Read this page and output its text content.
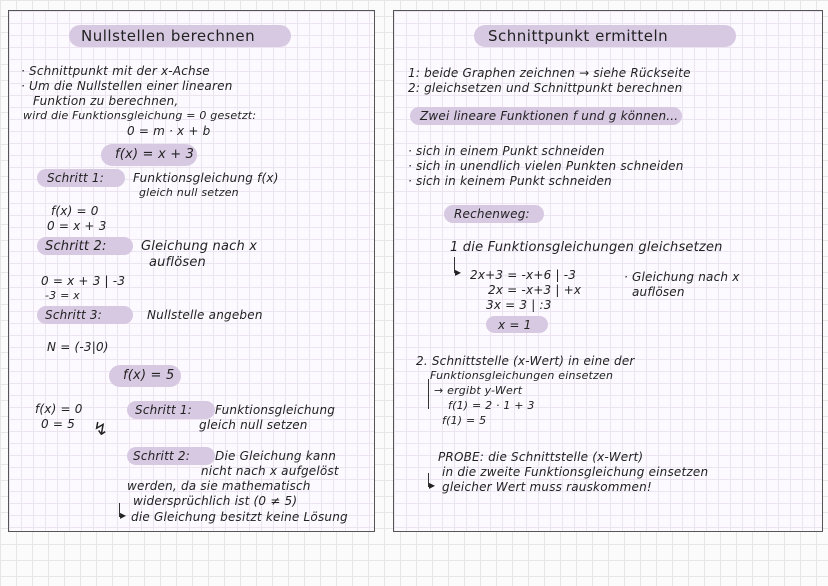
Nullstellen berechnen
· Schnittpunkt mit der x-Achse
· Um die Nullstellen einer linearen
Funktion zu berechnen,
wird die Funktionsgleichung = 0 gesetzt:
0 = m · x + b
f(x) = x + 3
Schritt 1: Funktionsgleichung f(x)
gleich null setzen
f(x) = 0
0 = x + 3
Schritt 2:	Gleichung nach x
auflösen
0 = x + 3 | -3
-3 = x
Schritt 3:	Nullstelle angeben
N = (-3|0)
f(x) = 5
f(x) = 0
0 = 5 ↯
Schritt 1: Funktionsgleichung
gleich null setzen
Schritt 2: Die Gleichung kann
nicht nach x aufgelöst
werden, da sie mathematisch
widersprüchlich ist (0 ≠ 5)
▸ die Gleichung besitzt keine Lösung
Schnittpunkt ermitteln
1: beide Graphen zeichnen → siehe Rückseite
2: gleichsetzen und Schnittpunkt berechnen
Zwei lineare Funktionen f und g können...
· sich in einem Punkt schneiden
· sich in unendlich vielen Punkten schneiden
· sich in keinem Punkt schneiden
Rechenweg:
1 die Funktionsgleichungen gleichsetzen
▸ 2x+3 = -x+6 | -3
2x = -x+3 | +x
3x = 3 | :3
x = 1
· Gleichung nach x
auflösen
2. Schnittstelle (x-Wert) in eine der
Funktionsgleichungen einsetzen
→ ergibt y-Wert
f(1) = 2 · 1 + 3
f(1) = 5
PROBE: die Schnittstelle (x-Wert)
in die zweite Funktionsgleichung einsetzen
▸ gleicher Wert muss rauskommen!
